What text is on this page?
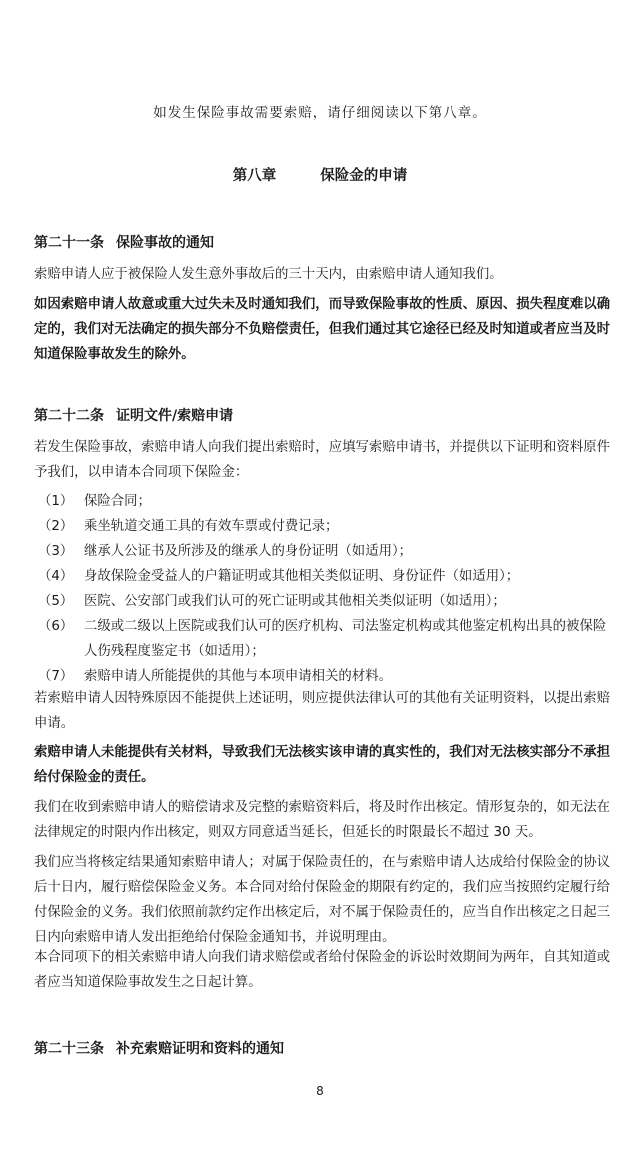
如发生保险事故需要索赔，请仔细阅读以下第八章。
第八章	保险金的申请
第二十一条 保险事故的通知
索赔申请人应于被保险人发生意外事故后的三十天内，由索赔申请人通知我们。
如因索赔申请人故意或重大过失未及时通知我们，而导致保险事故的性质、原因、损失程度难以确定的，我们对无法确定的损失部分不负赔偿责任，但我们通过其它途径已经及时知道或者应当及时知道保险事故发生的除外。
第二十二条 证明文件/索赔申请
若发生保险事故，索赔申请人向我们提出索赔时，应填写索赔申请书，并提供以下证明和资料原件予我们，以申请本合同项下保险金：
（1） 保险合同；
（2） 乘坐轨道交通工具的有效车票或付费记录；
（3） 继承人公证书及所涉及的继承人的身份证明（如适用）；
（4） 身故保险金受益人的户籍证明或其他相关类似证明、身份证件（如适用）；
（5） 医院、公安部门或我们认可的死亡证明或其他相关类似证明（如适用）；
（6） 二级或二级以上医院或我们认可的医疗机构、司法鉴定机构或其他鉴定机构出具的被保险人伤残程度鉴定书（如适用）；
（7） 索赔申请人所能提供的其他与本项申请相关的材料。
若索赔申请人因特殊原因不能提供上述证明，则应提供法律认可的其他有关证明资料，以提出索赔申请。
索赔申请人未能提供有关材料，导致我们无法核实该申请的真实性的，我们对无法核实部分不承担给付保险金的责任。
我们在收到索赔申请人的赔偿请求及完整的索赔资料后，将及时作出核定。情形复杂的，如无法在法律规定的时限内作出核定，则双方同意适当延长，但延长的时限最长不超过 30 天。
我们应当将核定结果通知索赔申请人；对属于保险责任的，在与索赔申请人达成给付保险金的协议后十日内，履行赔偿保险金义务。本合同对给付保险金的期限有约定的，我们应当按照约定履行给付保险金的义务。我们依照前款约定作出核定后，对不属于保险责任的，应当自作出核定之日起三日内向索赔申请人发出拒绝给付保险金通知书，并说明理由。
本合同项下的相关索赔申请人向我们请求赔偿或者给付保险金的诉讼时效期间为两年，自其知道或者应当知道保险事故发生之日起计算。
第二十三条 补充索赔证明和资料的通知
8
